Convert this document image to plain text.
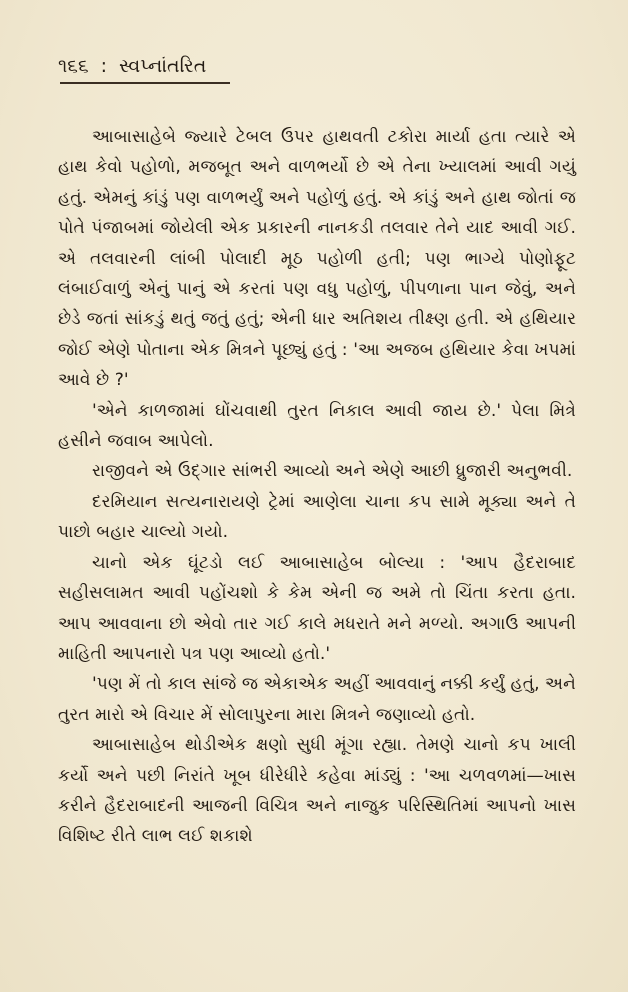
૧૬૬ : સ્વપ્નાંતરિત

આબાસાહેબે જ્યારે ટેબલ ઉપર હાથવતી ટકોરા માર્યા હતા ત્યારે એ હાથ કેવો પહોળો, મજબૂત અને વાળભર્યો છે એ તેના ખ્યાલમાં આવી ગયું હતું. એમનું કાંડું પણ વાળભર્યું અને પહોળું હતું. એ કાંડું અને હાથ જોતાં જ પોતે પંજાબમાં જોયેલી એક પ્રકારની નાનકડી તલવાર તેને યાદ આવી ગઈ. એ તલવારની લાંબી પોલાદી મૂઠ પહોળી હતી; પણ ભાગ્યે પોણોફૂટ લંબાઈવાળું એનું પાનું એ કરતાં પણ વધુ પહોળું, પીપળાના પાન જેવું, અને છેડે જતાં સાંકડું થતું જતું હતું; એની ધાર અતિશય તીક્ષ્ણ હતી. એ હથિયાર જોઈ એણે પોતાના એક મિત્રને પૂછ્યું હતું : 'આ અજબ હથિયાર કેવા ખપમાં આવે છે ?'

'એને કાળજામાં ઘોંચવાથી તુરત નિકાલ આવી જાય છે.' પેલા મિત્રે હસીને જવાબ આપેલો.

રાજીવને એ ઉદ્ગાર સાંભરી આવ્યો અને એણે આછી ધ્રુજારી અનુભવી.

દરમિયાન સત્યનારાયણે ટ્રેમાં આણેલા ચાના કપ સામે મૂક્યા અને તે પાછો બહાર ચાલ્યો ગયો.

ચાનો એક ઘૂંટડો લઈ આબાસાહેબ બોલ્યા : 'આપ હૈદરાબાદ સહીસલામત આવી પહોંચશો કે કેમ એની જ અમે તો ચિંતા કરતા હતા. આપ આવવાના છો એવો તાર ગઈ કાલે મધરાતે મને મળ્યો. અગાઉ આપની માહિતી આપનારો પત્ર પણ આવ્યો હતો.'

'પણ મેં તો કાલ સાંજે જ એકાએક અહીં આવવાનું નક્કી કર્યું હતું, અને તુરત મારો એ વિચાર મેં સોલાપુરના મારા મિત્રને જણાવ્યો હતો.

આબાસાહેબ થોડીએક ક્ષણો સુધી મૂંગા રહ્યા. તેમણે ચાનો કપ ખાલી કર્યો અને પછી નિરાંતે ખૂબ ધીરેધીરે કહેવા માંડ્યું : 'આ ચળવળમાં—ખાસ કરીને હૈદરાબાદની આજની વિચિત્ર અને નાજુક પરિસ્થિતિમાં આપનો ખાસ વિશિષ્ટ રીતે લાભ લઈ શકાશે
